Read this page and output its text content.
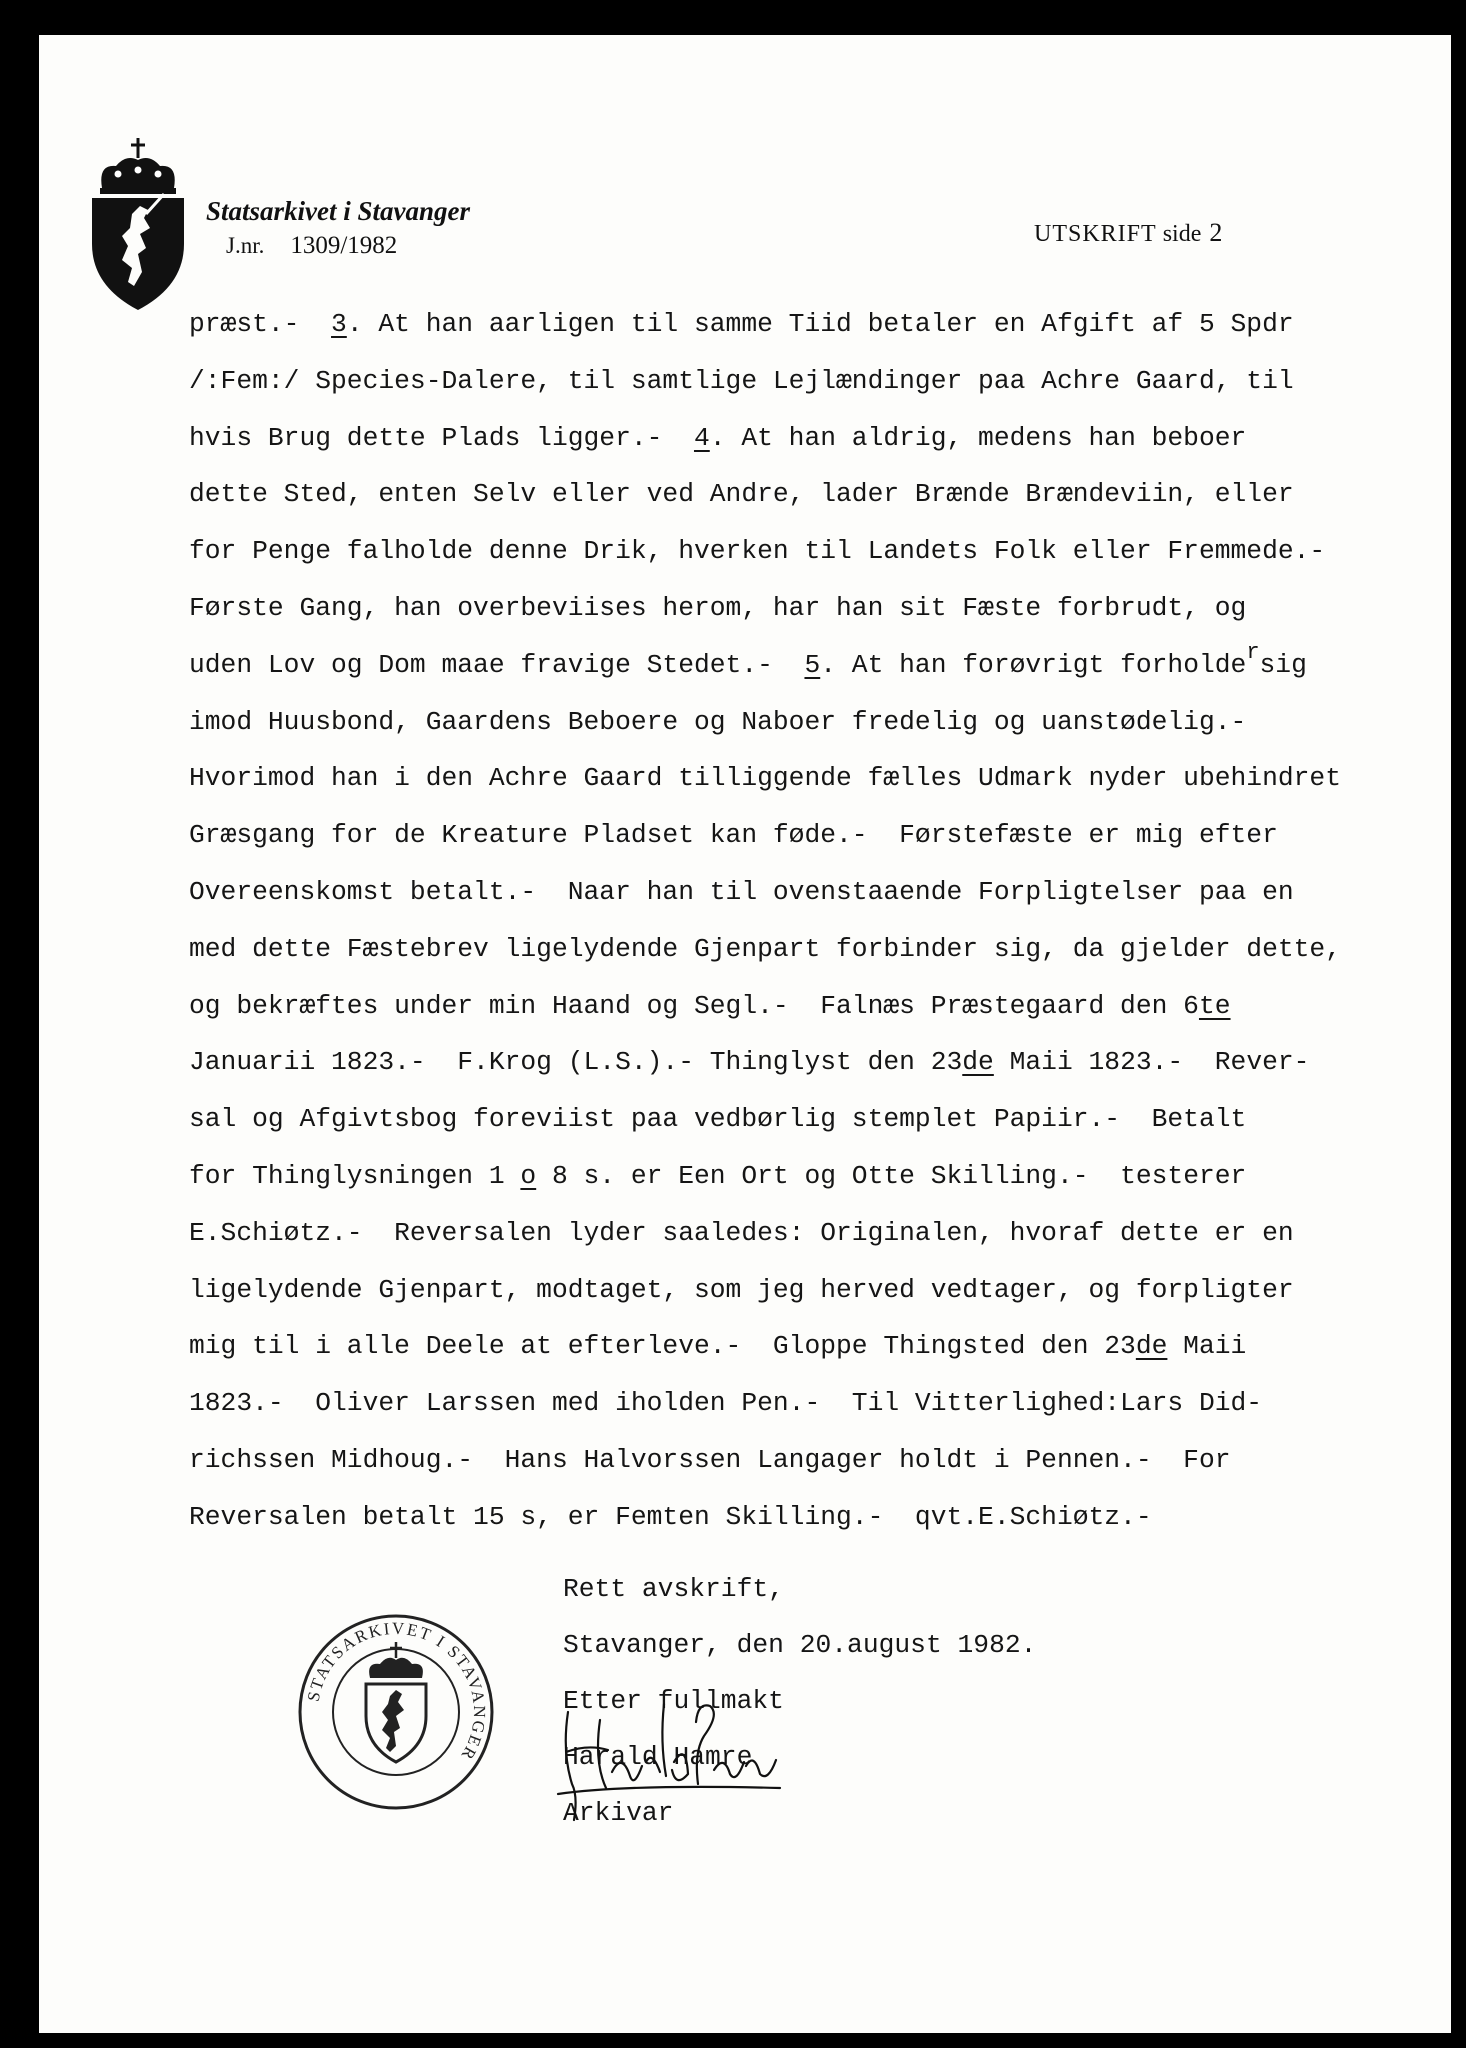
Statsarkivet i Stavanger
J.nr. 1309/1982	UTSKRIFT side 2
præst.-  3. At han aarligen til samme Tiid betaler en Afgift af 5 Spdr
/:Fem:/ Species-Dalere, til samtlige Lejlændinger paa Achre Gaard, til
hvis Brug dette Plads ligger.-  4. At han aldrig, medens han beboer
dette Sted, enten Selv eller ved Andre, lader Brænde Brændeviin, eller
for Penge falholde denne Drik, hverken til Landets Folk eller Fremmede.-
Første Gang, han overbeviises herom, har han sit Fæste forbrudt, og
uden Lov og Dom maae fravige Stedet.-  5. At han forøvrigt forholde$^r$sig
imod Huusbond, Gaardens Beboere og Naboer fredelig og uanstødelig.-
Hvorimod han i den Achre Gaard tilliggende fælles Udmark nyder ubehindret
Græsgang for de Kreature Pladset kan føde.-  Førstefæste er mig efter
Overeenskomst betalt.-  Naar han til ovenstaaende Forpligtelser paa en
med dette Fæstebrev ligelydende Gjenpart forbinder sig, da gjelder dette,
og bekræftes under min Haand og Segl.-  Falnæs Præstegaard den 6te
Januarii 1823.-  F.Krog (L.S.).- Thinglyst den 23de Maii 1823.-  Rever-
sal og Afgivtsbog foreviist paa vedbørlig stemplet Papiir.-  Betalt
for Thinglysningen 1 o 8 s. er Een Ort og Otte Skilling.-  testerer
E.Schiøtz.-  Reversalen lyder saaledes: Originalen, hvoraf dette er en
ligelydende Gjenpart, modtaget, som jeg herved vedtager, og forpligter
mig til i alle Deele at efterleve.-  Gloppe Thingsted den 23de Maii
1823.-  Oliver Larssen med iholden Pen.-  Til Vitterlighed:Lars Did-
richssen Midhoug.-  Hans Halvorssen Langager holdt i Pennen.-  For
Reversalen betalt 15 s, er Femten Skilling.-  qvt.E.Schiøtz.-
STATSARKIVET I STAVANGER
Rett avskrift,
Stavanger, den 20.august 1982.
Etter fullmakt
Harald Hamre
Arkivar
